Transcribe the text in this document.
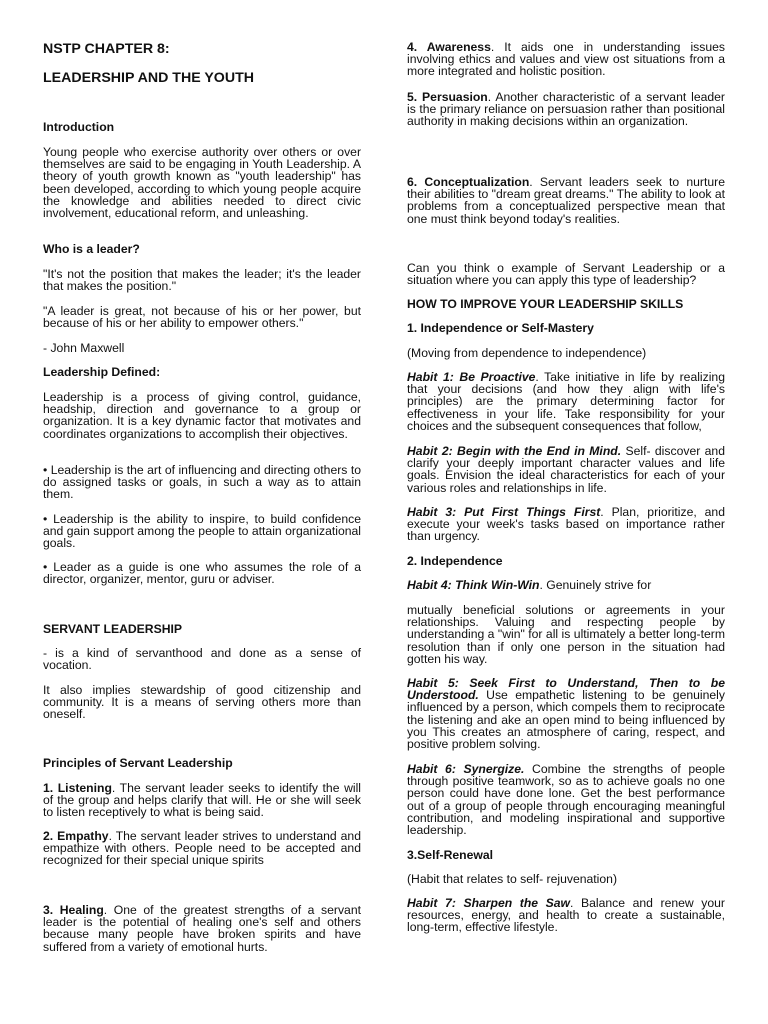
NSTP CHAPTER 8:
LEADERSHIP AND THE YOUTH
Introduction

Young people who exercise authority over others or over themselves are said to be engaging in Youth Leadership. A theory of youth growth known as "youth leadership" has been developed, according to which young people acquire the knowledge and abilities needed to direct civic involvement, educational reform, and unleashing.

Who is a leader?

"It's not the position that makes the leader; it's the leader that makes the position."

"A leader is great, not because of his or her power, but because of his or her ability to empower others."

- John Maxwell

Leadership Defined:

Leadership is a process of giving control, guidance, headship, direction and governance to a group or organization. It is a key dynamic factor that motivates and coordinates organizations to accomplish their objectives.

• Leadership is the art of influencing and directing others to do assigned tasks or goals, in such a way as to attain them.

• Leadership is the ability to inspire, to build confidence and gain support among the people to attain organizational goals.

• Leader as a guide is one who assumes the role of a director, organizer, mentor, guru or adviser.

SERVANT LEADERSHIP

- is a kind of servanthood and done as a sense of vocation.

It also implies stewardship of good citizenship and community. It is a means of serving others more than oneself.

Principles of Servant Leadership

1. Listening. The servant leader seeks to identify the will of the group and helps clarify that will. He or she will seek to listen receptively to what is being said.

2. Empathy. The servant leader strives to understand and empathize with others. People need to be accepted and recognized for their special unique spirits

3. Healing. One of the greatest strengths of a servant leader is the potential of healing one's self and others because many people have broken spirits and have suffered from a variety of emotional hurts.

4. Awareness. It aids one in understanding issues involving ethics and values and view ost situations from a more integrated and holistic position.

5. Persuasion. Another characteristic of a servant leader is the primary reliance on persuasion rather than positional authority in making decisions within an organization.

6. Conceptualization. Servant leaders seek to nurture their abilities to "dream great dreams." The ability to look at problems from a conceptualized perspective mean that one must think beyond today's realities.

Can you think o example of Servant Leadership or a situation where you can apply this type of leadership?

HOW TO IMPROVE YOUR LEADERSHIP SKILLS
1. Independence or Self-Mastery

(Moving from dependence to independence)

Habit 1: Be Proactive. Take initiative in life by realizing that your decisions (and how they align with life's principles) are the primary determining factor for effectiveness in your life. Take responsibility for your choices and the subsequent consequences that follow,

Habit 2: Begin with the End in Mind. Self- discover and clarify your deeply important character values and life goals. Envision the ideal characteristics for each of your various roles and relationships in life.

Habit 3: Put First Things First. Plan, prioritize, and execute your week's tasks based on importance rather than urgency.

2. Independence

Habit 4: Think Win-Win. Genuinely strive for

mutually beneficial solutions or agreements in your relationships. Valuing and respecting people by understanding a "win" for all is ultimately a better long-term resolution than if only one person in the situation had gotten his way.

Habit 5: Seek First to Understand, Then to be Understood. Use empathetic listening to be genuinely influenced by a person, which compels them to reciprocate the listening and ake an open mind to being influenced by you This creates an atmosphere of caring, respect, and positive problem solving.

Habit 6: Synergize. Combine the strengths of people through positive teamwork, so as to achieve goals no one person could have done lone. Get the best performance out of a group of people through encouraging meaningful contribution, and modeling inspirational and supportive leadership.

3.Self-Renewal

(Habit that relates to self- rejuvenation)

Habit 7: Sharpen the Saw. Balance and renew your resources, energy, and health to create a sustainable, long-term, effective lifestyle.
